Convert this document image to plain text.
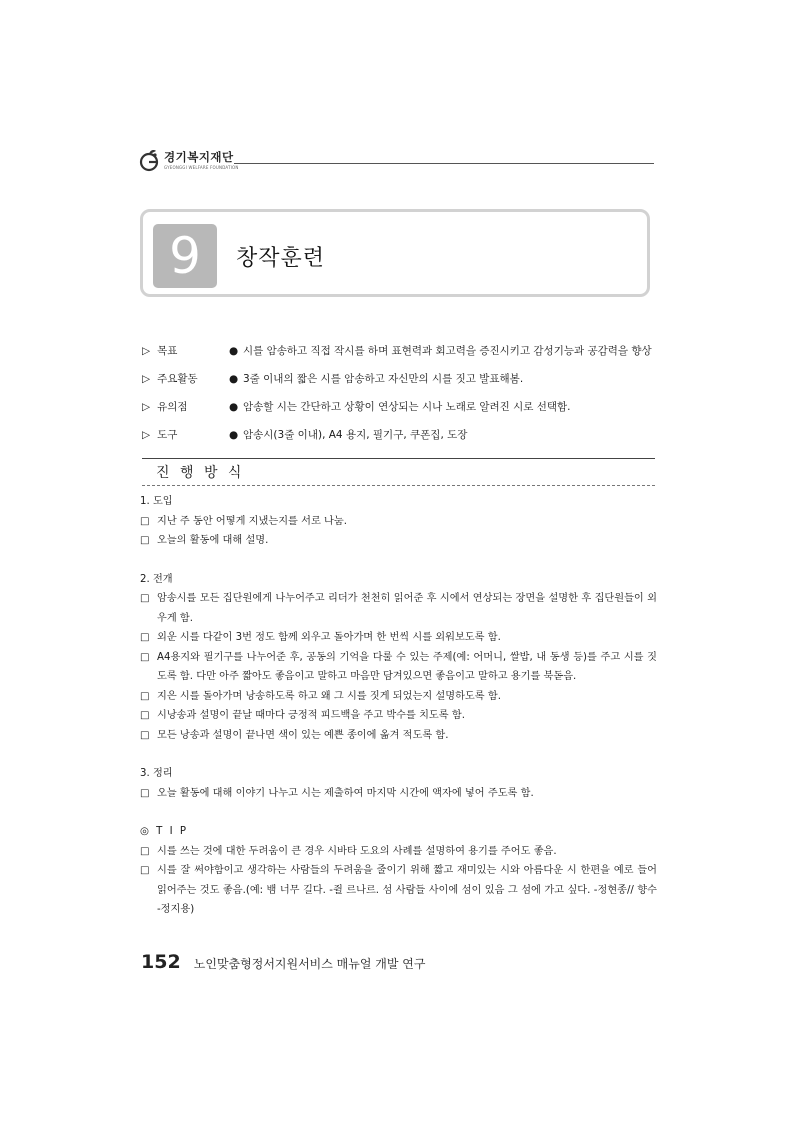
경기복지재단
GYEONGGI WELFARE FOUNDATION
9	창작훈련
▷ 목표	● 시를 암송하고 직접 작시를 하며 표현력과 회고력을 증진시키고 감성기능과 공감력을 향상
▷ 주요활동	● 3줄 이내의 짧은 시를 암송하고 자신만의 시를 짓고 발표해봄.
▷ 유의점	● 암송할 시는 간단하고 상황이 연상되는 시나 노래로 알려진 시로 선택함.
▷ 도구	● 암송시(3줄 이내), A4 용지, 필기구, 쿠폰집, 도장
진 행 방 식
1. 도입
□ 지난 주 동안 어떻게 지냈는지를 서로 나눔.
□ 오늘의 활동에 대해 설명.
2. 전개
□ 암송시를 모든 집단원에게 나누어주고 리더가 천천히 읽어준 후 시에서 연상되는 장면을 설명한 후 집단원들이 외우게 함.
□ 외운 시를 다같이 3번 정도 함께 외우고 돌아가며 한 번씩 시를 외워보도록 함.
□ A4용지와 필기구를 나누어준 후, 공동의 기억을 다룰 수 있는 주제(예: 어머니, 쌀밥, 내 동생 등)를 주고 시를 짓도록 함. 다만 아주 짧아도 좋음이고 말하고 마음만 담겨있으면 좋음이고 말하고 용기를 북돋음.
□ 지은 시를 돌아가며 낭송하도록 하고 왜 그 시를 짓게 되었는지 설명하도록 함.
□ 시낭송과 설명이 끝날 때마다 긍정적 피드백을 주고 박수를 치도록 함.
□ 모든 낭송과 설명이 끝나면 색이 있는 예쁜 종이에 옮겨 적도록 함.
3. 정리
□ 오늘 활동에 대해 이야기 나누고 시는 제출하여 마지막 시간에 액자에 넣어 주도록 함.
◎ T I P
□ 시를 쓰는 것에 대한 두려움이 큰 경우 시바타 도요의 사례를 설명하여 용기를 주어도 좋음.
□ 시를 잘 써야함이고 생각하는 사람들의 두려움을 줄이기 위해 짧고 재미있는 시와 아름다운 시 한편을 예로 들어 읽어주는 것도 좋음.(예: 뱀 너무 길다. -쥘 르나르. 섬 사람들 사이에 섬이 있음 그 섬에 가고 싶다. -정현종// 향수 -정지용)
152 노인맞춤형정서지원서비스 매뉴얼 개발 연구
